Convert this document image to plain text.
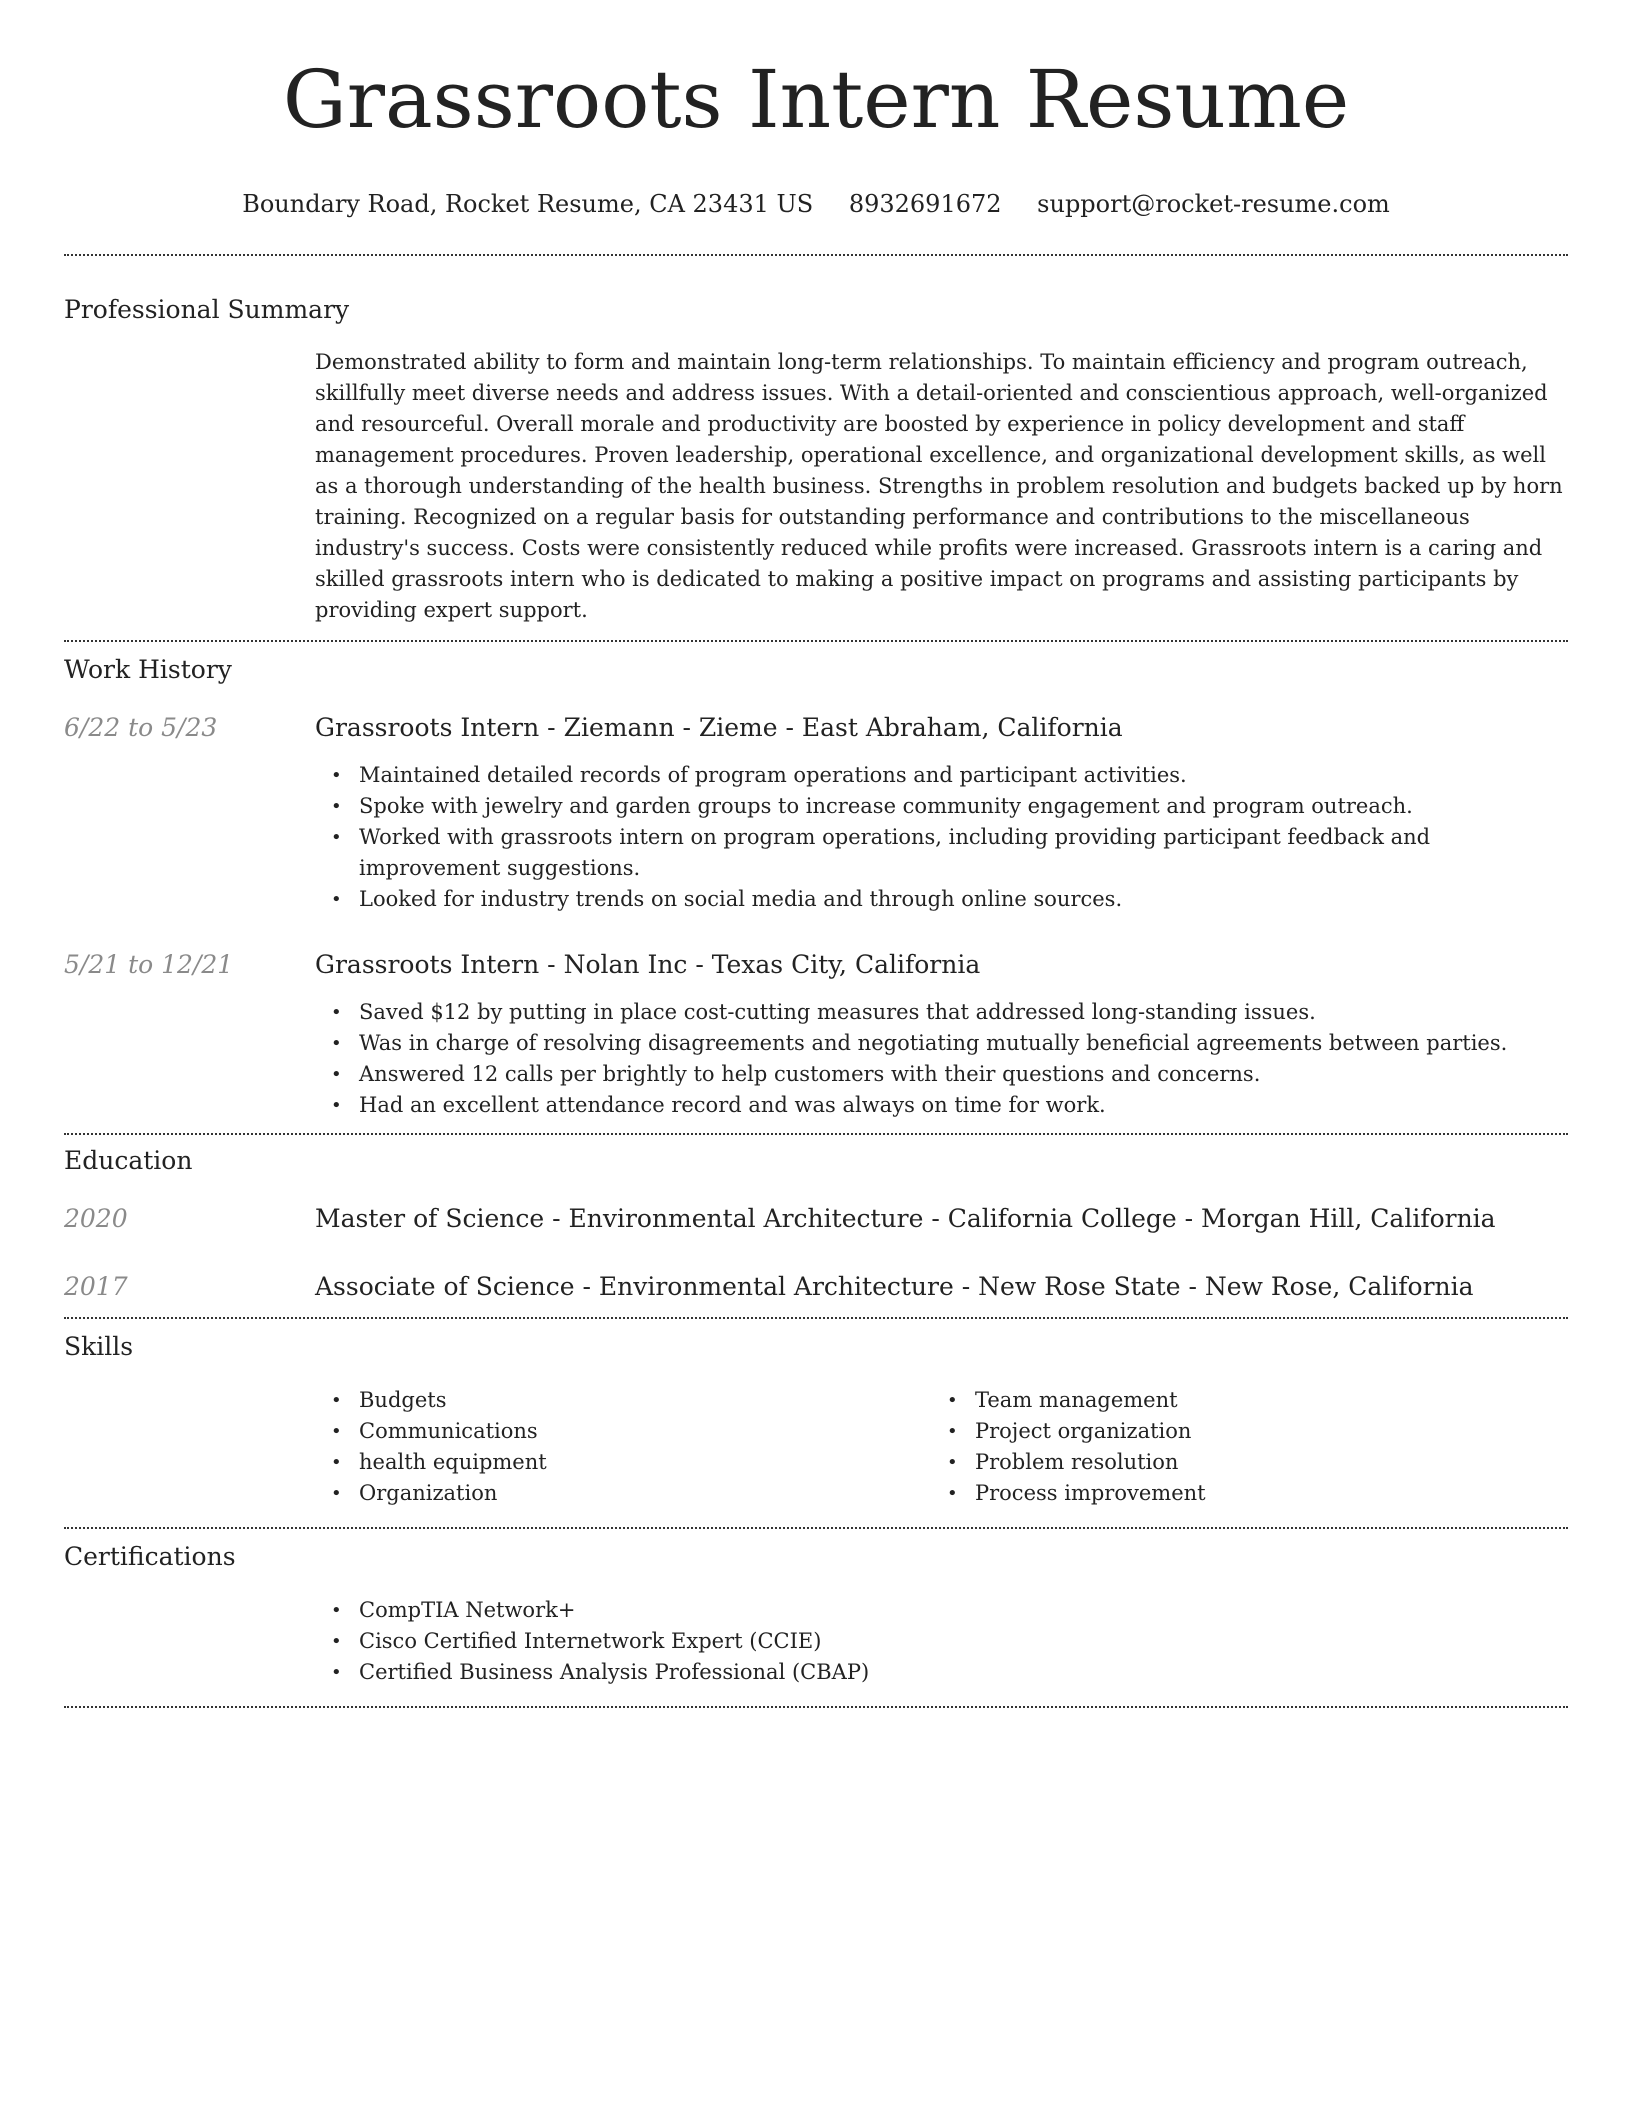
Grassroots Intern Resume
Boundary Road, Rocket Resume, CA 23431 US 8932691672 support@rocket-resume.com
Professional Summary

Demonstrated ability to form and maintain long-term relationships. To maintain efficiency and program outreach, skillfully meet diverse needs and address issues. With a detail-oriented and conscientious approach, well-organized and resourceful. Overall morale and productivity are boosted by experience in policy development and staff management procedures. Proven leadership, operational excellence, and organizational development skills, as well as a thorough understanding of the health business. Strengths in problem resolution and budgets backed up by horn training. Recognized on a regular basis for outstanding performance and contributions to the miscellaneous industry's success. Costs were consistently reduced while profits were increased. Grassroots intern is a caring and skilled grassroots intern who is dedicated to making a positive impact on programs and assisting participants by providing expert support.

Work History
6/22 to 5/23	Grassroots Intern - Ziemann - Zieme - East Abraham, California
• Maintained detailed records of program operations and participant activities.
• Spoke with jewelry and garden groups to increase community engagement and program outreach.
• Worked with grassroots intern on program operations, including providing participant feedback and improvement suggestions.
• Looked for industry trends on social media and through online sources.
5/21 to 12/21	Grassroots Intern - Nolan Inc - Texas City, California
• Saved $12 by putting in place cost-cutting measures that addressed long-standing issues.
• Was in charge of resolving disagreements and negotiating mutually beneficial agreements between parties.
• Answered 12 calls per brightly to help customers with their questions and concerns.
• Had an excellent attendance record and was always on time for work.
Education
2020	Master of Science - Environmental Architecture - California College - Morgan Hill, California
2017	Associate of Science - Environmental Architecture - New Rose State - New Rose, California
Skills
• Budgets
• Communications
• health equipment
• Organization
• Team management
• Project organization
• Problem resolution
• Process improvement
Certifications
• CompTIA Network+
• Cisco Certified Internetwork Expert (CCIE)
• Certified Business Analysis Professional (CBAP)
